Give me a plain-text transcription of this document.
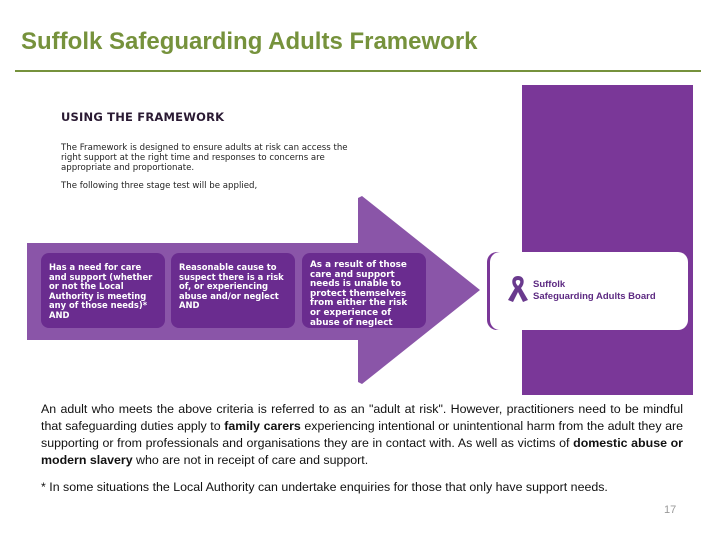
Suffolk Safeguarding Adults Framework
USING THE FRAMEWORK
The Framework is designed to ensure adults at risk can access the right support at the right time and responses to concerns are appropriate and proportionate.
The following three stage test will be applied,
Has a need for care and support (whether or not the Local Authority is meeting any of those needs)* AND
Reasonable cause to suspect there is a risk of, or experiencing abuse and/or neglect AND
As a result of those care and support needs is unable to protect themselves from either the risk or experience of abuse of neglect
Suffolk
Safeguarding Adults Board
An adult who meets the above criteria is referred to as an "adult at risk". However, practitioners need to be mindful that safeguarding duties apply to family carers experiencing intentional or unintentional harm from the adult they are supporting or from professionals and organisations they are in contact with. As well as victims of domestic abuse or modern slavery who are not in receipt of care and support.
* In some situations the Local Authority can undertake enquiries for those that only have support needs.
17
